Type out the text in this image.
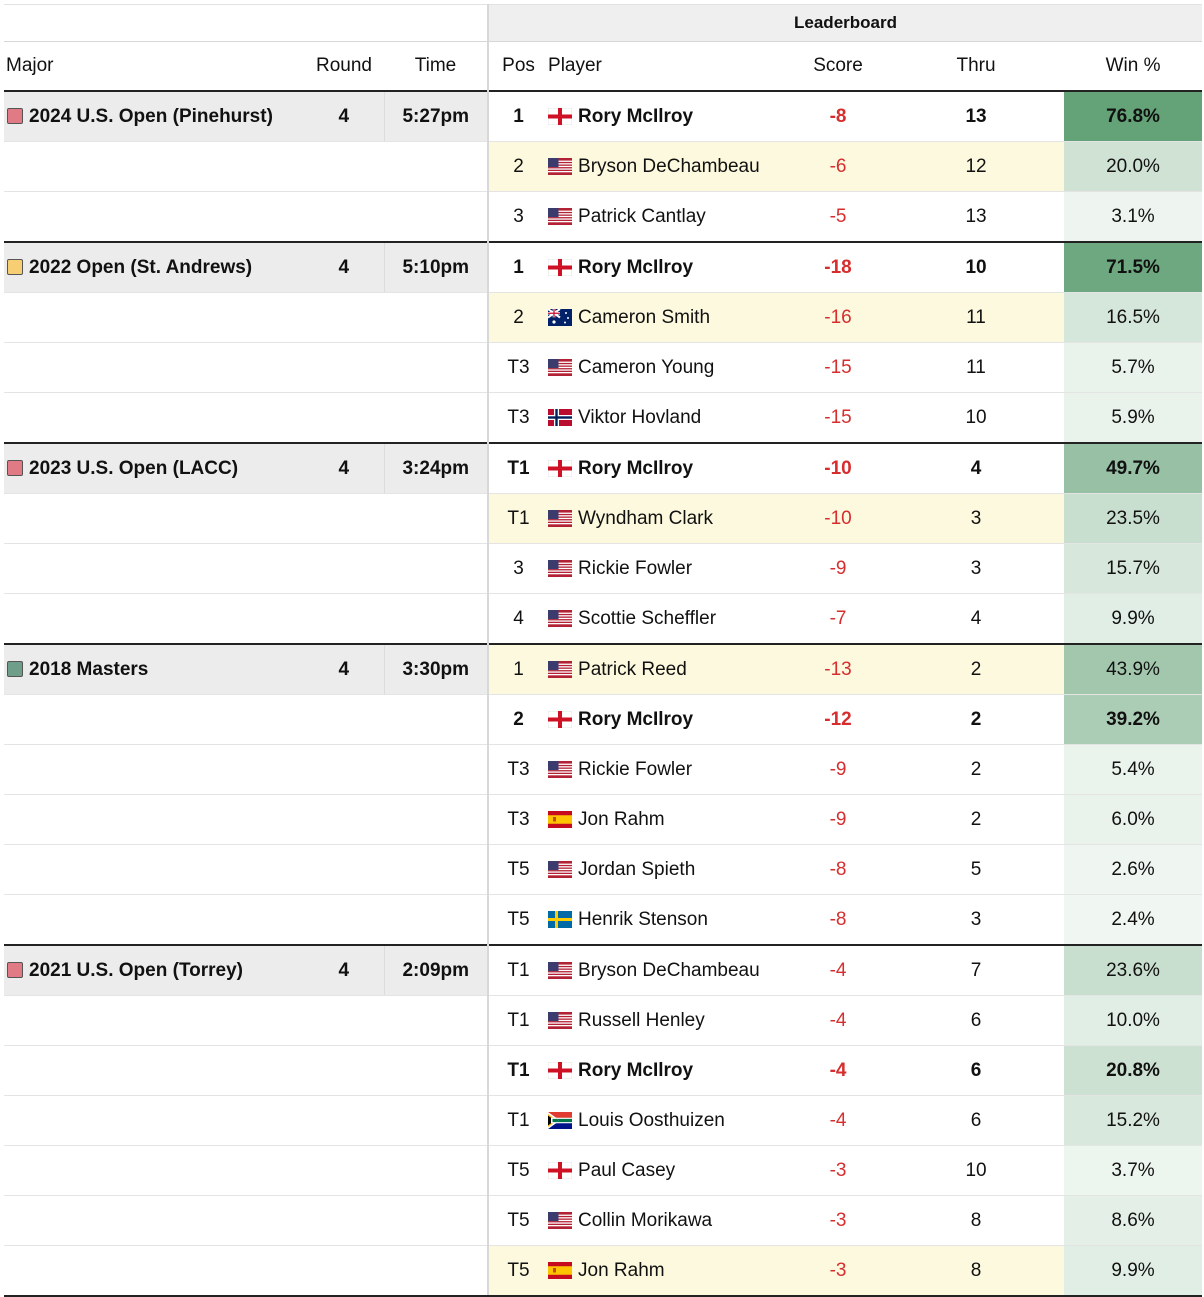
			Leaderboard				
Major	Round	Time	Pos	Player	Score	Thru	Win %
2024 U.S. Open (Pinehurst)	4	5:27pm	1	Rory McIlroy	-8	13	76.8%
			2	Bryson DeChambeau	-6	12	20.0%
			3	Patrick Cantlay	-5	13	3.1%
2022 Open (St. Andrews)	4	5:10pm	1	Rory McIlroy	-18	10	71.5%
			2	Cameron Smith	-16	11	16.5%
			T3	Cameron Young	-15	11	5.7%
			T3	Viktor Hovland	-15	10	5.9%
2023 U.S. Open (LACC)	4	3:24pm	T1	Rory McIlroy	-10	4	49.7%
			T1	Wyndham Clark	-10	3	23.5%
			3	Rickie Fowler	-9	3	15.7%
			4	Scottie Scheffler	-7	4	9.9%
2018 Masters	4	3:30pm	1	Patrick Reed	-13	2	43.9%
			2	Rory McIlroy	-12	2	39.2%
			T3	Rickie Fowler	-9	2	5.4%
			T3	Jon Rahm	-9	2	6.0%
			T5	Jordan Spieth	-8	5	2.6%
			T5	Henrik Stenson	-8	3	2.4%
2021 U.S. Open (Torrey)	4	2:09pm	T1	Bryson DeChambeau	-4	7	23.6%
			T1	Russell Henley	-4	6	10.0%
			T1	Rory McIlroy	-4	6	20.8%
			T1	Louis Oosthuizen	-4	6	15.2%
			T5	Paul Casey	-3	10	3.7%
			T5	Collin Morikawa	-3	8	8.6%
			T5	Jon Rahm	-3	8	9.9%
